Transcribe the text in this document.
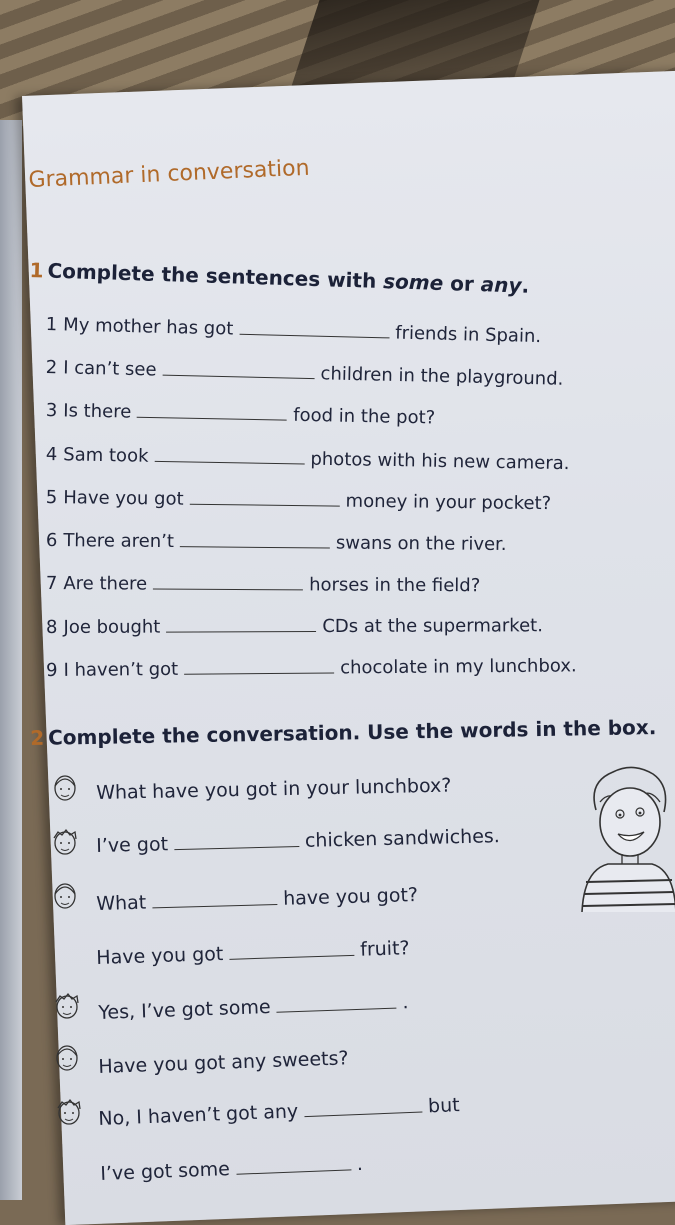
Grammar in conversation

1 Complete the sentences with some or any.

1 My mother has got	friends in Spain.

2 I can’t see	children in the playground.

3 Is there	food in the pot?

4 Sam took	photos with his new camera.

5 Have you got	money in your pocket?

6 There aren’t	swans on the river.

7 Are there	horses in the field?

8 Joe bought	CDs at the supermarket.

9 I haven’t got	chocolate in my lunchbox.

2 Complete the conversation. Use the words in the box.

What have you got in your lunchbox?

I’ve got	chicken sandwiches.

What	have you got?

Have you got	fruit?

Yes, I’ve got some	.

Have you got any sweets?

No, I haven’t got any	but

I’ve got some	.
